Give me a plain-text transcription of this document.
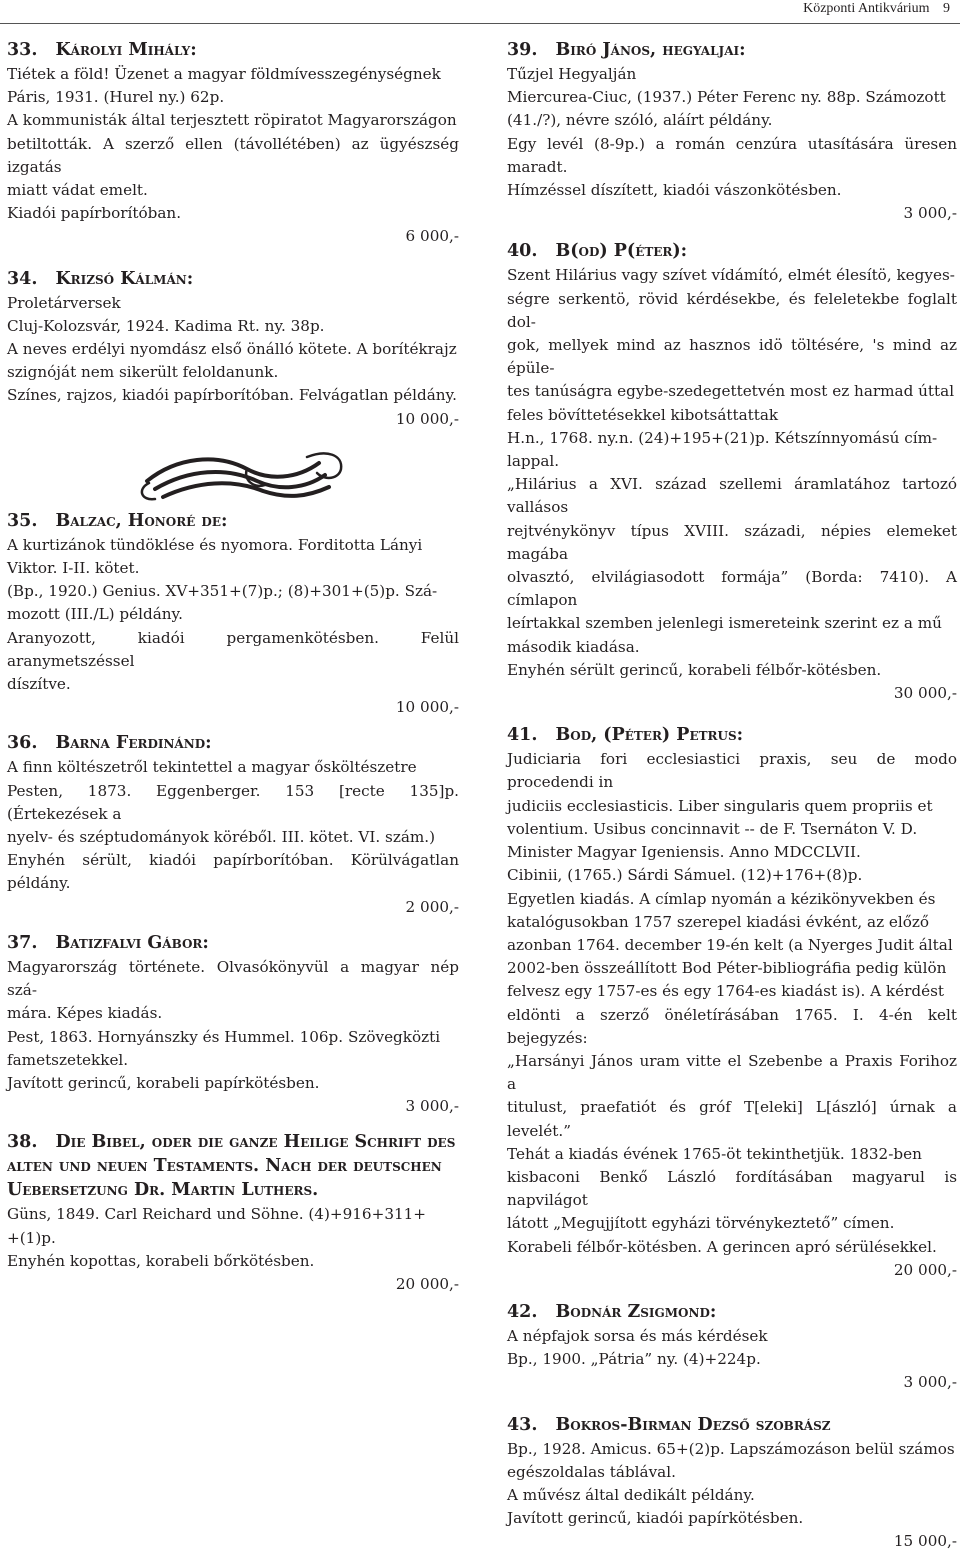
Központi Antikvárium 9
33. Károlyi Mihály:
Tiétek a föld! Üzenet a magyar földmívesszegénységnek
Páris, 1931. (Hurel ny.) 62p.
A kommunisták által terjesztett röpiratot Magyarországon
betiltották. A szerző ellen (távollétében) az ügyészség izgatás
miatt vádat emelt.
Kiadói papírborítóban.
6 000,-
34. Krizsó Kálmán:
Proletárversek
Cluj-Kolozsvár, 1924. Kadima Rt. ny. 38p.
A neves erdélyi nyomdász első önálló kötete. A borítékrajz
szignóját nem sikerült feloldanunk.
Színes, rajzos, kiadói papírborítóban. Felvágatlan példány.
10 000,-
35. Balzac, Honoré de:
A kurtizánok tündöklése és nyomora. Forditotta Lányi
Viktor. I-II. kötet.
(Bp., 1920.) Genius. XV+351+(7)p.; (8)+301+(5)p. Szá-
mozott (III./L) példány.
Aranyozott, kiadói pergamenkötésben. Felül aranymetszéssel
díszítve.
10 000,-
36. Barna Ferdinánd:
A finn költészetről tekintettel a magyar ősköltészetre
Pesten, 1873. Eggenberger. 153 [recte 135]p. (Értekezések a
nyelv- és széptudományok köréből. III. kötet. VI. szám.)
Enyhén sérült, kiadói papírborítóban. Körülvágatlan példány.
2 000,-
37. Batizfalvi Gábor:
Magyarország története. Olvasókönyvül a magyar nép szá-
mára. Képes kiadás.
Pest, 1863. Hornyánszky és Hummel. 106p. Szövegközti
fametszetekkel.
Javított gerincű, korabeli papírkötésben.
3 000,-
38. Die Bibel, oder die ganze Heilige Schrift des alten und neuen Testaments. Nach der deutschen Uebersetzung Dr. Martin Luthers.
Güns, 1849. Carl Reichard und Söhne. (4)+916+311+
+(1)p.
Enyhén kopottas, korabeli bőrkötésben.
20 000,-
39. Biró János, hegyaljai:
Tűzjel Hegyalján
Miercurea-Ciuc, (1937.) Péter Ferenc ny. 88p. Számozott
(41./?), névre szóló, aláírt példány.
Egy levél (8-9p.) a román cenzúra utasítására üresen maradt.
Hímzéssel díszített, kiadói vászonkötésben.
3 000,-
40. B(od) P(éter):
Szent Hilárius vagy szívet vídámító, elmét élesítö, kegyes-
ségre serkentö, rövid kérdésekbe, és feleletekbe foglalt dol-
gok, mellyek mind az hasznos idö töltésére, 's mind az épüle-
tes tanúságra egybe-szedegettetvén most ez harmad úttal
feles bövíttetésekkel kibotsáttattak
H.n., 1768. ny.n. (24)+195+(21)p. Kétszínnyomású cím-
lappal.
„Hilárius a XVI. század szellemi áramlatához tartozó vallásos
rejtvénykönyv típus XVIII. századi, népies elemeket magába
olvasztó, elvilágiasodott formája” (Borda: 7410). A címlapon
leírtakkal szemben jelenlegi ismereteink szerint ez a mű
második kiadása.
Enyhén sérült gerincű, korabeli félbőr-kötésben.
30 000,-
41. Bod, (Péter) Petrus:
Judiciaria fori ecclesiastici praxis, seu de modo procedendi in
judiciis ecclesiasticis. Liber singularis quem propriis et
volentium. Usibus concinnavit -- de F. Tsernáton V. D.
Minister Magyar Igeniensis. Anno MDCCLVII.
Cibinii, (1765.) Sárdi Sámuel. (12)+176+(8)p.
Egyetlen kiadás. A címlap nyomán a kézikönyvekben és
katalógusokban 1757 szerepel kiadási évként, az előző
azonban 1764. december 19-én kelt (a Nyerges Judit által
2002-ben összeállított Bod Péter-bibliográfia pedig külön
felvesz egy 1757-es és egy 1764-es kiadást is). A kérdést
eldönti a szerző önéletírásában 1765. I. 4-én kelt bejegyzés:
„Harsányi János uram vitte el Szebenbe a Praxis Forihoz a
titulust, praefatiót és gróf T[eleki] L[ászló] úrnak a levelét.”
Tehát a kiadás évének 1765-öt tekinthetjük. 1832-ben
kisbaconi Benkő László fordításában magyarul is napvilágot
látott „Megujjított egyházi törvénykeztető” címen.
Korabeli félbőr-kötésben. A gerincen apró sérülésekkel.
20 000,-
42. Bodnár Zsigmond:
A népfajok sorsa és más kérdések
Bp., 1900. „Pátria” ny. (4)+224p.
3 000,-
43. Bokros-Birman Dezső szobrász
Bp., 1928. Amicus. 65+(2)p. Lapszámozáson belül számos
egészoldalas táblával.
A művész által dedikált példány.
Javított gerincű, kiadói papírkötésben.
15 000,-
